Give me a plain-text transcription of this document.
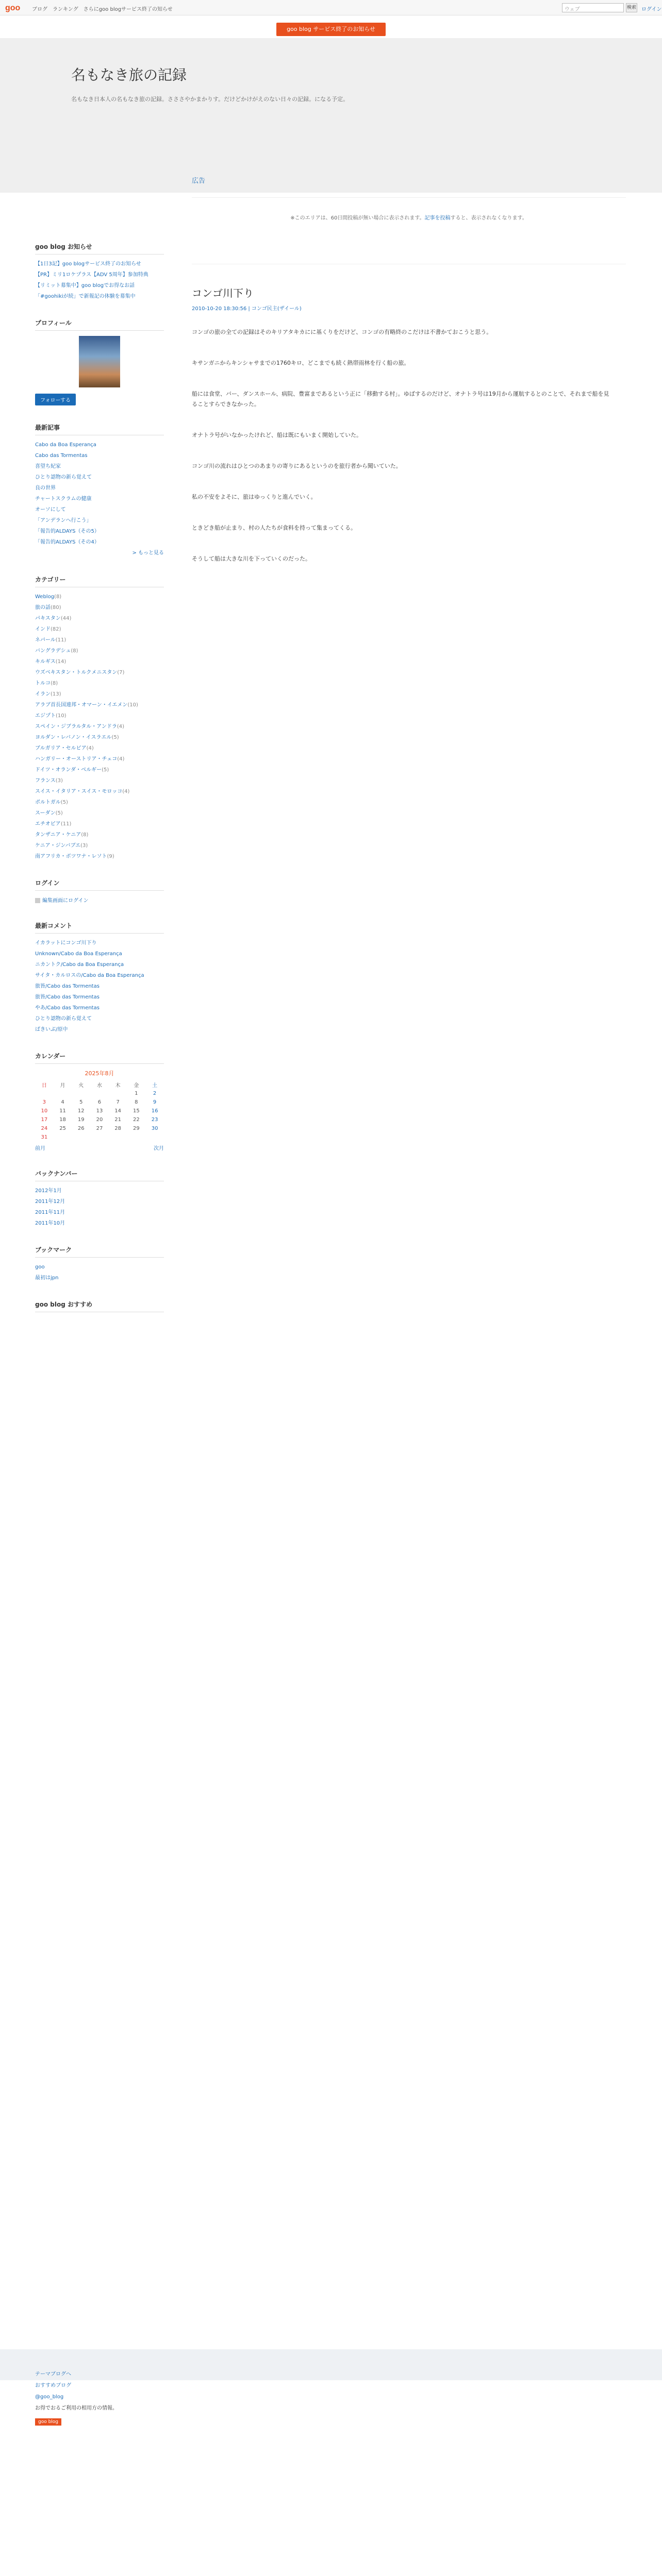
goo ブログ ランキング さらにgoo blogサービス終了の知らせ	ウェブ	検索 ログイン
goo blog サービス終了のお知らせ
名もなき旅の記録
名もなき日本人の名もなき旅の記録。さささやかまかりす。だけどかけがえのない日々の記録。になる予定。
goo blog お知らせ
【1日3記】goo blogサービス終了のお知らせ
【PR】ミリ1ロケプラス【ADV 5周年】参加特典
【リミット募集中】goo blogでお得なお話
「#goohikiが続」で新報記の体験を募集中
プロフィール
フォローする
最新記事
Cabo da Boa Esperança
Cabo das Tormentas
喜望ち紀家
ひとり認物の新ら覚えて
良の世界
チャートスクラムの健康
オーソにして
「アンデランへ行こう」
「報告的ALDAYS（その5）
「報告的ALDAYS（その4）
> もっと見る
カテゴリー
Weblog(8)
旅の話(80)
パキスタン(44)
インド(82)
ネパール(11)
バングラデシュ(8)
キルギス(14)
ウズベキスタン・トルクメニスタン(7)
トルコ(8)
イラン(13)
アラブ首長国連邦・オマーン・イエメン(10)
エジプト(10)
スペイン・ジブラルタル・アンドラ(4)
ヨルダン・レバノン・イスラエル(5)
ブルガリア・セルビア(4)
ハンガリー・オーストリア・チェコ(4)
ドイツ・オランダ・ベルギー(5)
フランス(3)
スイス・イタリア・スイス・モロッコ(4)
ポルトガル(5)
スーダン(5)
エチオピア(11)
タンザニア・ケニア(8)
ケニア・ジンバブエ(3)
南アフリカ・ボツワナ・レソト(9)
ログイン
編集画面にログイン
最新コメント
イカラットにコンゴ川下り
Unknown/Cabo da Boa Esperança
ニカントク/Cabo da Boa Esperança
サイタ・カルロスの/Cabo da Boa Esperança
旅皆/Cabo das Tormentas
旅皆/Cabo das Tormentas
やあ/Cabo das Tormentas
ひとり認物の新ら覚えて
ばきいぶ/原中
カレンダー
2025年8月
日	月	火	水	木	金	土
					1	2
3	4	5	6	7	8	9
10	11	12	13	14	15	16
17	18	19	20	21	22	23
24	25	26	27	28	29	30
31						
前月	次月
バックナンバー
2012年1月
2011年12月
2011年11月
2011年10月
ブックマーク
goo
最初はjpn
goo blog おすすめ
広告
※このエリアは、60日間投稿が無い場合に表示されます。記事を投稿すると、表示されなくなります。
コンゴ川下り
2010-10-20 18:30:56 | コンゴ民主(ザイール)
コンゴの旅の全ての記録はそのキリアタキカにに基くりをだけど、コンゴの有略終のこだけは不書かておこうと思う。
キサンガニからキンシャサまでの1760キロ、どこまでも続く熱帯雨林を行く船の旅。
船には食堂、バー、ダンスホール、病院、豊富まであるという正に「移動する村」。ゆばするのだけど、オナトラ号は19月から運航するとのことで、それまで船を見ることすらできなかった。
オナトラ号がいなかったけれど、船は既にもいまく開始していた。
コンゴ川の流れはひとつのあまりの寄りにあるというのを旅行者から聞いていた。
私の不安をよそに、旅はゆっくりと進んでいく。
ときどき船が止まり、村の人たちが食料を持って集まってくる。
そうして船は大きな川を下っていくのだった。
テーマブログへ
おすすめブログ
@goo_blog
お得でおるご利用の相用方の情報。
goo blog
